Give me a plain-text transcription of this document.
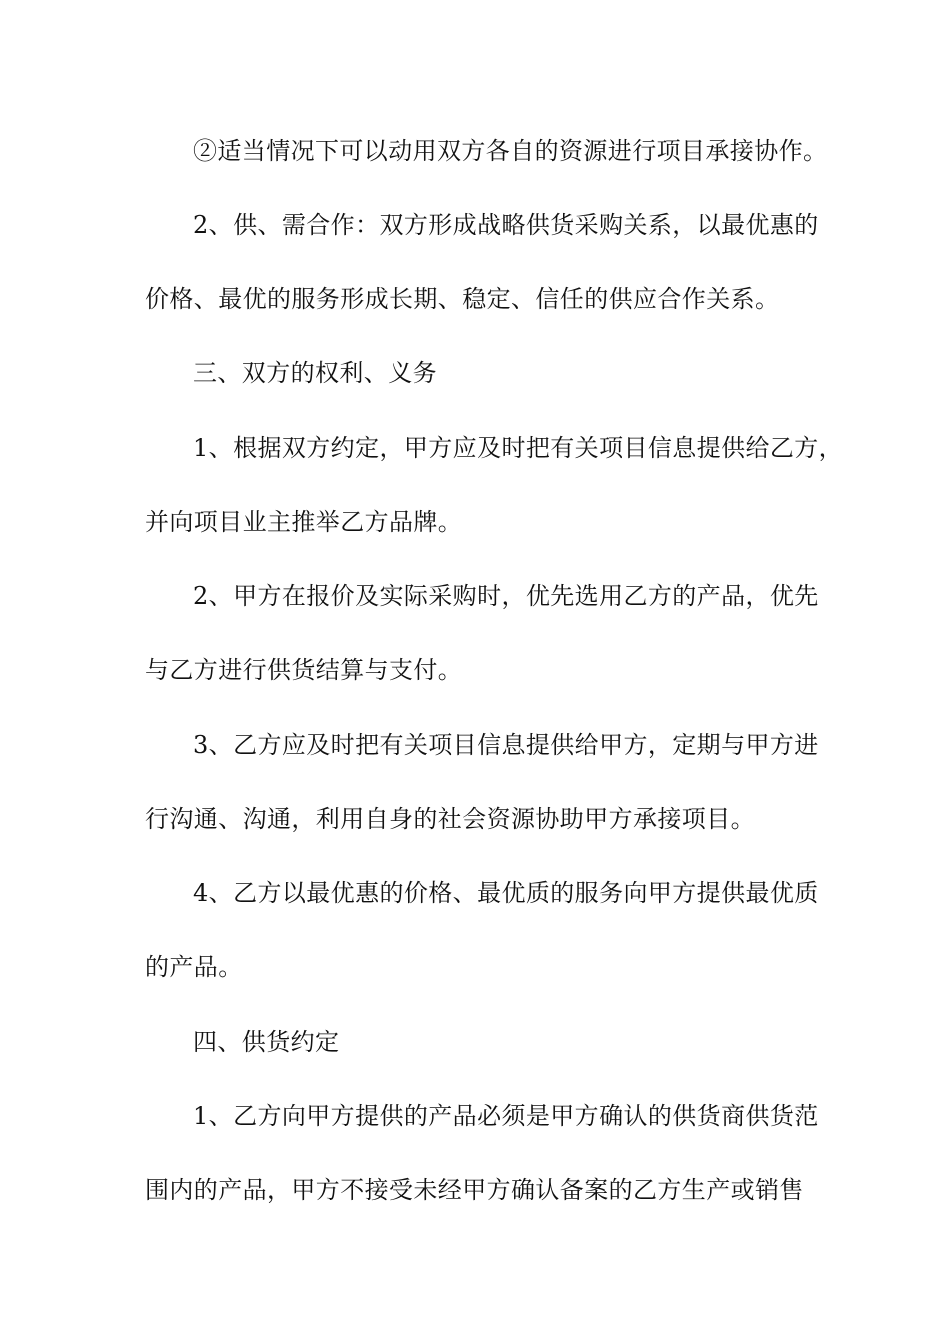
②适当情况下可以动用双方各自的资源进行项目承接协作。
2、供、需合作：双方形成战略供货采购关系，以最优惠的
价格、最优的服务形成长期、稳定、信任的供应合作关系。
三、双方的权利、义务
1、根据双方约定，甲方应及时把有关项目信息提供给乙方，
并向项目业主推举乙方品牌。
2、甲方在报价及实际采购时，优先选用乙方的产品，优先
与乙方进行供货结算与支付。
3、乙方应及时把有关项目信息提供给甲方，定期与甲方进
行沟通、沟通，利用自身的社会资源协助甲方承接项目。
4、乙方以最优惠的价格、最优质的服务向甲方提供最优质
的产品。
四、供货约定
1、乙方向甲方提供的产品必须是甲方确认的供货商供货范
围内的产品，甲方不接受未经甲方确认备案的乙方生产或销售
